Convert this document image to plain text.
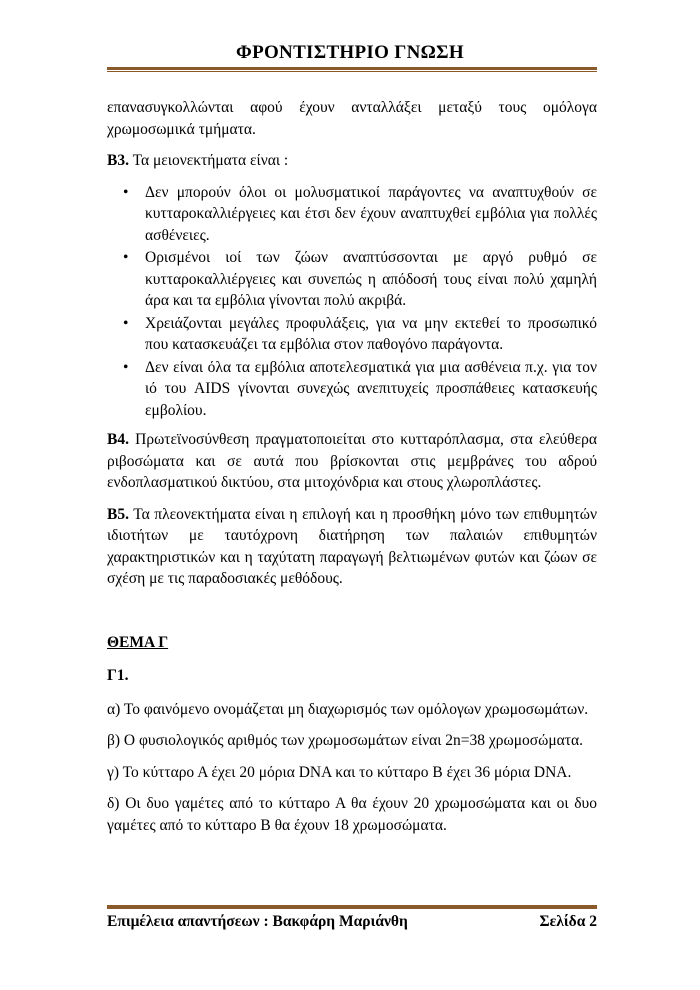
ΦΡΟΝΤΙΣΤΗΡΙΟ ΓΝΩΣΗ

επανασυγκολλώνται αφού έχουν ανταλλάξει μεταξύ τους ομόλογα χρωμοσωμικά τμήματα.

Β3. Τα μειονεκτήματα είναι :

• Δεν μπορούν όλοι οι μολυσματικοί παράγοντες να αναπτυχθούν σε κυτταροκαλλιέργειες και έτσι δεν έχουν αναπτυχθεί εμβόλια για πολλές ασθένειες.
• Ορισμένοι ιοί των ζώων αναπτύσσονται με αργό ρυθμό σε κυτταροκαλλιέργειες και συνεπώς η απόδοσή τους είναι πολύ χαμηλή άρα και τα εμβόλια γίνονται πολύ ακριβά.
• Χρειάζονται μεγάλες προφυλάξεις, για να μην εκτεθεί το προσωπικό που κατασκευάζει τα εμβόλια στον παθογόνο παράγοντα.
• Δεν είναι όλα τα εμβόλια αποτελεσματικά για μια ασθένεια π.χ. για τον ιό του AIDS γίνονται συνεχώς ανεπιτυχείς προσπάθειες κατασκευής εμβολίου.

Β4. Πρωτεϊνοσύνθεση πραγματοποιείται στο κυτταρόπλασμα, στα ελεύθερα ριβοσώματα και σε αυτά που βρίσκονται στις μεμβράνες του αδρού ενδοπλασματικού δικτύου, στα μιτοχόνδρια και στους χλωροπλάστες.

Β5. Τα πλεονεκτήματα είναι η επιλογή και η προσθήκη μόνο των επιθυμητών ιδιοτήτων με ταυτόχρονη διατήρηση των παλαιών επιθυμητών χαρακτηριστικών και η ταχύτατη παραγωγή βελτιωμένων φυτών και ζώων σε σχέση με τις παραδοσιακές μεθόδους.

ΘΕΜΑ Γ
Γ1.

α) Το φαινόμενο ονομάζεται μη διαχωρισμός των ομόλογων χρωμοσωμάτων.

β) Ο φυσιολογικός αριθμός των χρωμοσωμάτων είναι 2n=38 χρωμοσώματα.

γ) Το κύτταρο Α έχει 20 μόρια DNA και το κύτταρο Β έχει 36 μόρια DNA.

δ) Οι δυο γαμέτες από το κύτταρο Α θα έχουν 20 χρωμοσώματα και οι δυο γαμέτες από το κύτταρο Β θα έχουν 18 χρωμοσώματα.

Επιμέλεια απαντήσεων : Βακφάρη Μαριάνθη	Σελίδα 2
